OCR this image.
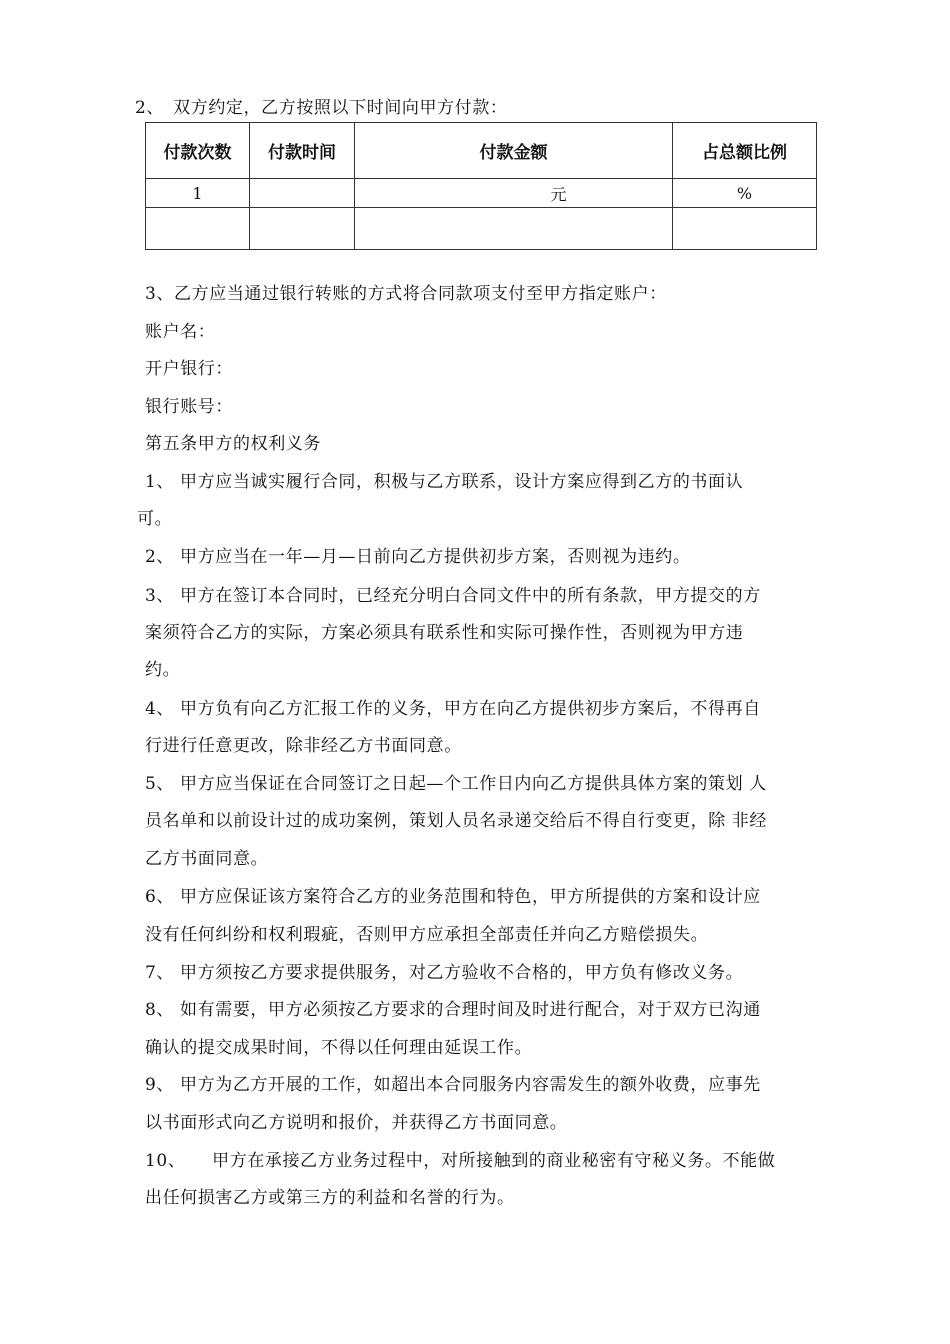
2、　双方约定，乙方按照以下时间向甲方付款：
付款次数	付款时间	付款金额	占总额比例
1		元	%

3、乙方应当通过银行转账的方式将合同款项支付至甲方指定账户：
账户名：
开户银行：
银行账号：
第五条甲方的权利义务
1、 甲方应当诚实履行合同，积极与乙方联系，设计方案应得到乙方的书面认
可。
2、 甲方应当在一年—月—日前向乙方提供初步方案，否则视为违约。
3、 甲方在签订本合同时，已经充分明白合同文件中的所有条款，甲方提交的方
案须符合乙方的实际，方案必须具有联系性和实际可操作性，否则视为甲方违
约。
4、 甲方负有向乙方汇报工作的义务，甲方在向乙方提供初步方案后，不得再自
行进行任意更改，除非经乙方书面同意。
5、 甲方应当保证在合同签订之日起—个工作日内向乙方提供具体方案的策划 人
员名单和以前设计过的成功案例，策划人员名录递交给后不得自行变更，除 非经
乙方书面同意。
6、 甲方应保证该方案符合乙方的业务范围和特色，甲方所提供的方案和设计应
没有任何纠纷和权利瑕疵，否则甲方应承担全部责任并向乙方赔偿损失。
7、 甲方须按乙方要求提供服务，对乙方验收不合格的，甲方负有修改义务。
8、 如有需要，甲方必须按乙方要求的合理时间及时进行配合，对于双方已沟通
确认的提交成果时间，不得以任何理由延误工作。
9、 甲方为乙方开展的工作，如超出本合同服务内容需发生的额外收费，应事先
以书面形式向乙方说明和报价，并获得乙方书面同意。
10、　　甲方在承接乙方业务过程中，对所接触到的商业秘密有守秘义务。不能做
出任何损害乙方或第三方的利益和名誉的行为。
